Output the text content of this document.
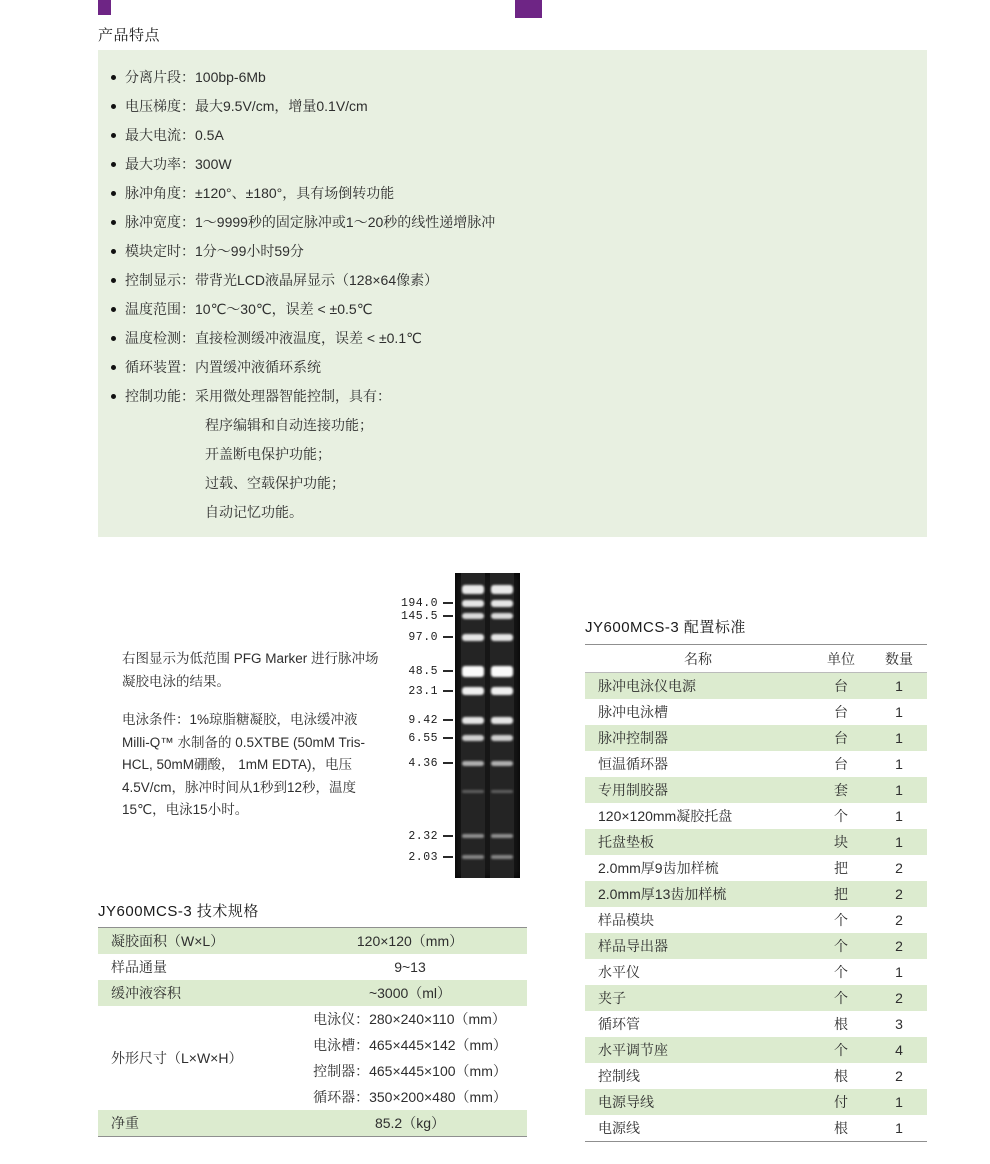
产品特点
分离片段：100bp-6Mb
电压梯度：最大9.5V/cm，增量0.1V/cm
最大电流：0.5A
最大功率：300W
脉冲角度：±120°、±180°，具有场倒转功能
脉冲宽度：1～9999秒的固定脉冲或1～20秒的线性递增脉冲
模块定时：1分～99小时59分
控制显示：带背光LCD液晶屏显示（128×64像素）
温度范围：10℃～30℃，误差 < ±0.5℃
温度检测：直接检测缓冲液温度，误差 < ±0.1℃
循环装置：内置缓冲液循环系统
控制功能：采用微处理器智能控制，具有：
程序编辑和自动连接功能；
开盖断电保护功能；
过载、空载保护功能；
自动记忆功能。

右图显示为低范围 PFG Marker 进行脉冲场凝胶电泳的结果。

电泳条件：1%琼脂糖凝胶，电泳缓冲液 Milli-Q™ 水制备的 0.5XTBE (50mM Tris-HCL, 50mM硼酸， 1mM EDTA)，电压 4.5V/cm，脉冲时间从1秒到12秒，温度 15℃，电泳15小时。

194.0
145.5
97.0
48.5
23.1
9.42
6.55
4.36
2.32
2.03
JY600MCS-3 配置标准
名称	单位	数量
脉冲电泳仪电源	台	1
脉冲电泳槽	台	1
脉冲控制器	台	1
恒温循环器	台	1
专用制胶器	套	1
120×120mm凝胶托盘	个	1
托盘垫板	块	1
2.0mm厚9齿加样梳	把	2
2.0mm厚13齿加样梳	把	2
样品模块	个	2
样品导出器	个	2
水平仪	个	1
夹子	个	2
循环管	根	3
水平调节座	个	4
控制线	根	2
电源导线	付	1
电源线	根	1
JY600MCS-3 技术规格
凝胶面积（W×L）	120×120（mm）
样品通量	9~13
缓冲液容积	~3000（ml）
外形尺寸（L×W×H）
电泳仪：280×240×110（mm）
电泳槽：465×445×142（mm）
控制器：465×445×100（mm）
循环器：350×200×480（mm）
净重	85.2（kg）
